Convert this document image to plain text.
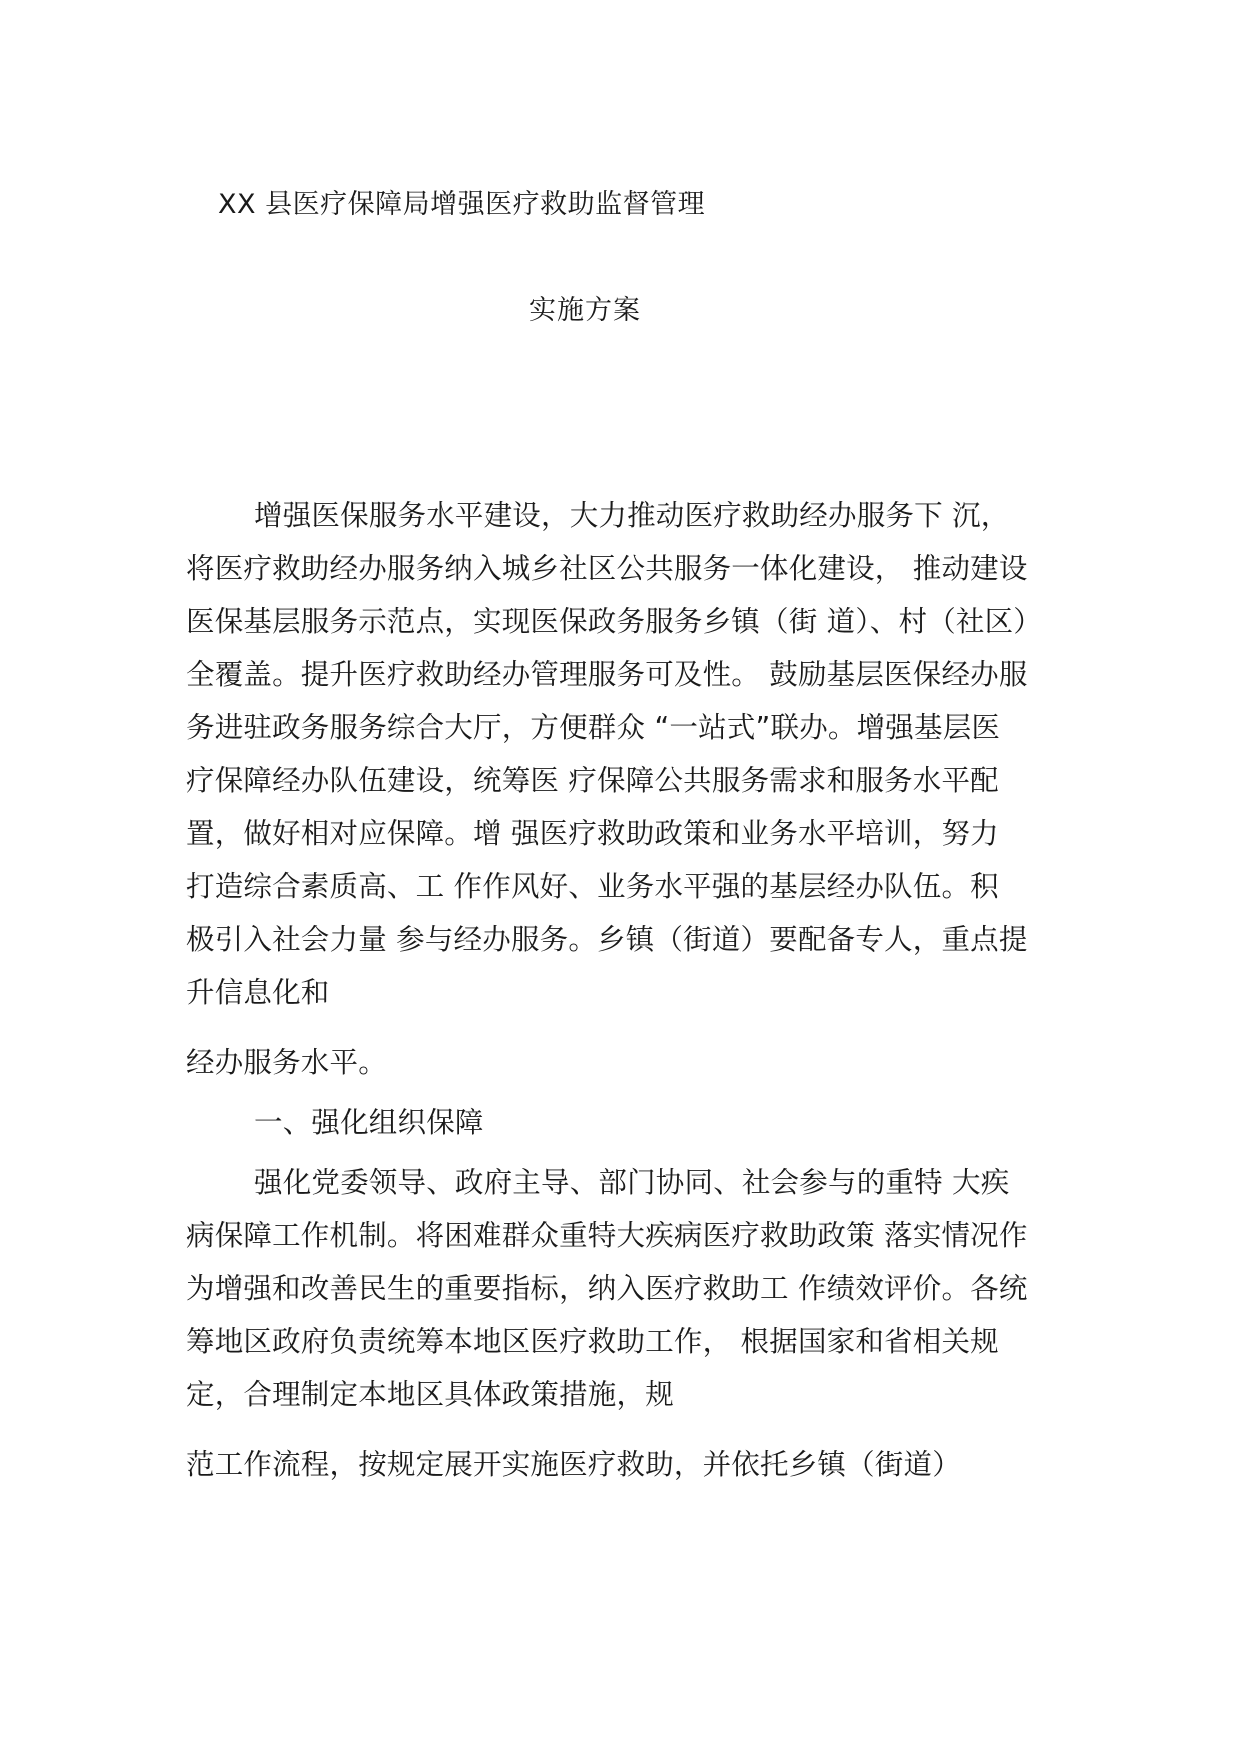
XX 县医疗保障局增强医疗救助监督管理
实施方案
增强医保服务水平建设，大力推动医疗救助经办服务下 沉，
将医疗救助经办服务纳入城乡社区公共服务一体化建设， 推动建设
医保基层服务示范点，实现医保政务服务乡镇（街 道）、村（社区）
全覆盖。提升医疗救助经办管理服务可及性。 鼓励基层医保经办服
务进驻政务服务综合大厅，方便群众 “一站式”联办。增强基层医
疗保障经办队伍建设，统筹医 疗保障公共服务需求和服务水平配
置，做好相对应保障。增 强医疗救助政策和业务水平培训，努力
打造综合素质高、工 作作风好、业务水平强的基层经办队伍。积
极引入社会力量 参与经办服务。乡镇（街道）要配备专人，重点提
升信息化和
经办服务水平。
一、强化组织保障
强化党委领导、政府主导、部门协同、社会参与的重特 大疾
病保障工作机制。将困难群众重特大疾病医疗救助政策 落实情况作
为增强和改善民生的重要指标，纳入医疗救助工 作绩效评价。各统
筹地区政府负责统筹本地区医疗救助工作， 根据国家和省相关规
定，合理制定本地区具体政策措施，规
范工作流程，按规定展开实施医疗救助，并依托乡镇（街道）
